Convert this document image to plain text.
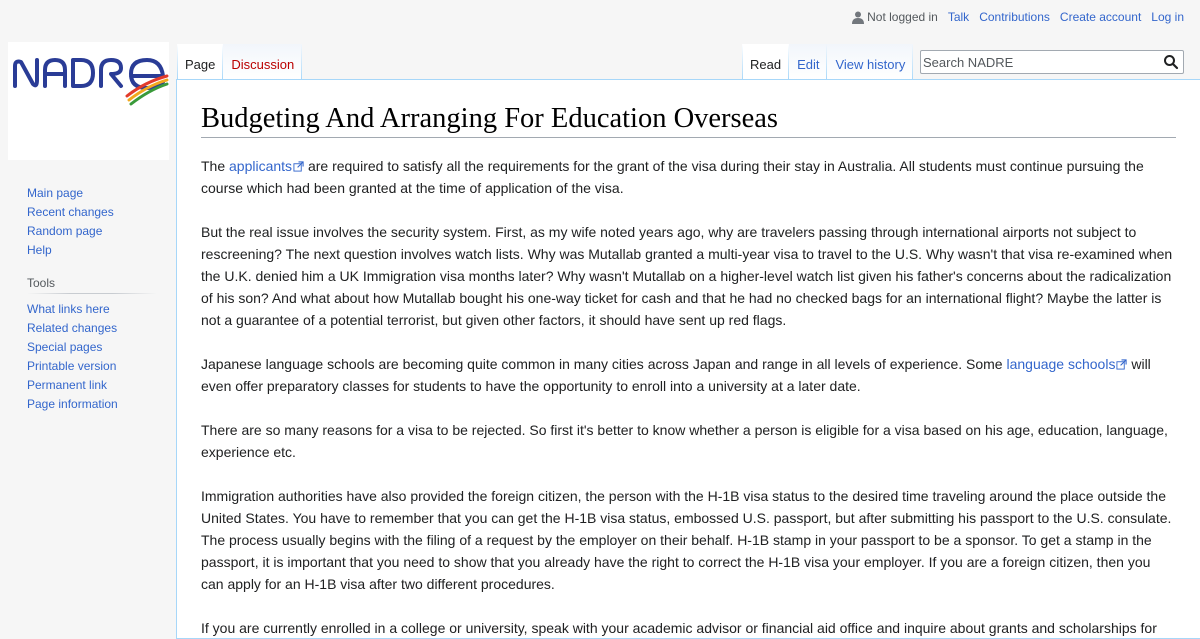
Not logged in Talk Contributions Create account Log in
Page Discussion	Read Edit View history
Search NADRE
Main page
Recent changes
Random page
Help
Tools
What links here
Related changes
Special pages
Printable version
Permanent link
Page information
Budgeting And Arranging For Education Overseas

The applicants are required to satisfy all the requirements for the grant of the visa during their stay in Australia. All students must continue pursuing the course which had been granted at the time of application of the visa.

But the real issue involves the security system. First, as my wife noted years ago, why are travelers passing through international airports not subject to rescreening? The next question involves watch lists. Why was Mutallab granted a multi-year visa to travel to the U.S. Why wasn't that visa re-examined when the U.K. denied him a UK Immigration visa months later? Why wasn't Mutallab on a higher-level watch list given his father's concerns about the radicalization of his son? And what about how Mutallab bought his one-way ticket for cash and that he had no checked bags for an international flight? Maybe the latter is not a guarantee of a potential terrorist, but given other factors, it should have sent up red flags.

Japanese language schools are becoming quite common in many cities across Japan and range in all levels of experience. Some language schools will even offer preparatory classes for students to have the opportunity to enroll into a university at a later date.

There are so many reasons for a visa to be rejected. So first it's better to know whether a person is eligible for a visa based on his age, education, language, experience etc.

Immigration authorities have also provided the foreign citizen, the person with the H-1B visa status to the desired time traveling around the place outside the United States. You have to remember that you can get the H-1B visa status, embossed U.S. passport, but after submitting his passport to the U.S. consulate. The process usually begins with the filing of a request by the employer on their behalf. H-1B stamp in your passport to be a sponsor. To get a stamp in the passport, it is important that you need to show that you already have the right to correct the H-1B visa your employer. If you are a foreign citizen, then you can apply for an H-1B visa after two different procedures.

If you are currently enrolled in a college or university, speak with your academic advisor or financial aid office and inquire about grants and scholarships for
